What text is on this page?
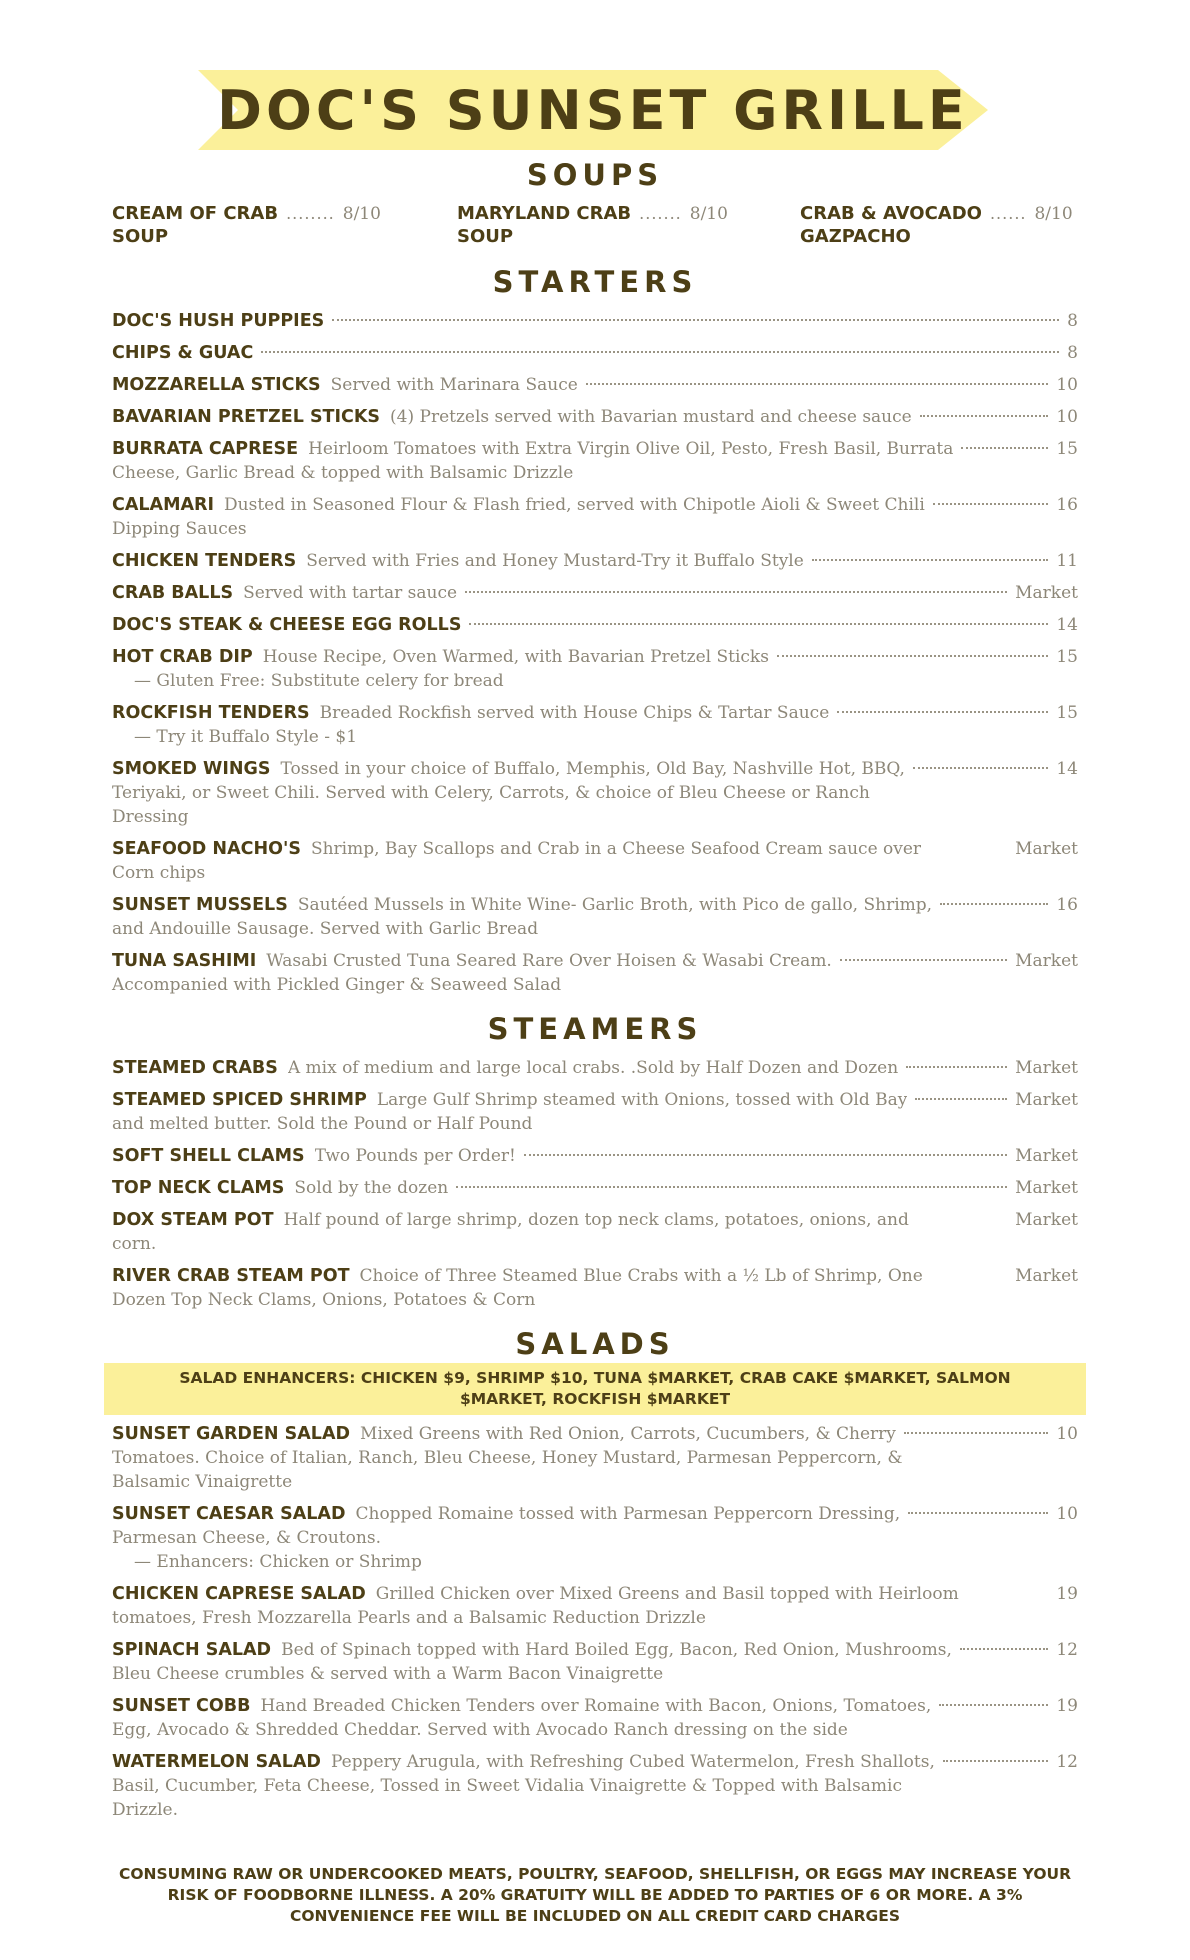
DOC'S SUNSET GRILLE
SOUPS
CREAM OF CRAB ........ 8/10
SOUP
MARYLAND CRAB ....... 8/10
SOUP
CRAB & AVOCADO ...... 8/10
GAZPACHO
STARTERS
DOC'S HUSH PUPPIES	8
CHIPS & GUAC	8
MOZZARELLA STICKS Served with Marinara Sauce	10
BAVARIAN PRETZEL STICKS (4) Pretzels served with Bavarian mustard and cheese sauce	10
BURRATA CAPRESE Heirloom Tomatoes with Extra Virgin Olive Oil, Pesto, Fresh Basil, Burrata	15
Cheese, Garlic Bread & topped with Balsamic Drizzle
CALAMARI Dusted in Seasoned Flour & Flash fried, served with Chipotle Aioli & Sweet Chili	16
Dipping Sauces
CHICKEN TENDERS Served with Fries and Honey Mustard-Try it Buffalo Style	11
CRAB BALLS Served with tartar sauce	Market
DOC'S STEAK & CHEESE EGG ROLLS	14
HOT CRAB DIP House Recipe, Oven Warmed, with Bavarian Pretzel Sticks	15
— Gluten Free: Substitute celery for bread
ROCKFISH TENDERS Breaded Rockfish served with House Chips & Tartar Sauce	15
— Try it Buffalo Style - $1
SMOKED WINGS Tossed in your choice of Buffalo, Memphis, Old Bay, Nashville Hot, BBQ,	14
Teriyaki, or Sweet Chili. Served with Celery, Carrots, & choice of Bleu Cheese or Ranch
Dressing
SEAFOOD NACHO'S Shrimp, Bay Scallops and Crab in a Cheese Seafood Cream sauce over	Market
Corn chips
SUNSET MUSSELS Sautéed Mussels in White Wine- Garlic Broth, with Pico de gallo, Shrimp,	16
and Andouille Sausage. Served with Garlic Bread
TUNA SASHIMI Wasabi Crusted Tuna Seared Rare Over Hoisen & Wasabi Cream.	Market
Accompanied with Pickled Ginger & Seaweed Salad
STEAMERS
STEAMED CRABS A mix of medium and large local crabs. .Sold by Half Dozen and Dozen	Market
STEAMED SPICED SHRIMP Large Gulf Shrimp steamed with Onions, tossed with Old Bay	Market
and melted butter. Sold the Pound or Half Pound
SOFT SHELL CLAMS Two Pounds per Order!	Market
TOP NECK CLAMS Sold by the dozen	Market
DOX STEAM POT Half pound of large shrimp, dozen top neck clams, potatoes, onions, and	Market
corn.
RIVER CRAB STEAM POT Choice of Three Steamed Blue Crabs with a ½ Lb of Shrimp, One	Market
Dozen Top Neck Clams, Onions, Potatoes & Corn
SALADS
SALAD ENHANCERS: CHICKEN $9, SHRIMP $10, TUNA $MARKET, CRAB CAKE $MARKET, SALMON $MARKET, ROCKFISH $MARKET
SUNSET GARDEN SALAD Mixed Greens with Red Onion, Carrots, Cucumbers, & Cherry	10
Tomatoes. Choice of Italian, Ranch, Bleu Cheese, Honey Mustard, Parmesan Peppercorn, &
Balsamic Vinaigrette
SUNSET CAESAR SALAD Chopped Romaine tossed with Parmesan Peppercorn Dressing,	10
Parmesan Cheese, & Croutons.
— Enhancers: Chicken or Shrimp
CHICKEN CAPRESE SALAD Grilled Chicken over Mixed Greens and Basil topped with Heirloom	19
tomatoes, Fresh Mozzarella Pearls and a Balsamic Reduction Drizzle
SPINACH SALAD Bed of Spinach topped with Hard Boiled Egg, Bacon, Red Onion, Mushrooms,	12
Bleu Cheese crumbles & served with a Warm Bacon Vinaigrette
SUNSET COBB Hand Breaded Chicken Tenders over Romaine with Bacon, Onions, Tomatoes,	19
Egg, Avocado & Shredded Cheddar. Served with Avocado Ranch dressing on the side
WATERMELON SALAD Peppery Arugula, with Refreshing Cubed Watermelon, Fresh Shallots,	12
Basil, Cucumber, Feta Cheese, Tossed in Sweet Vidalia Vinaigrette & Topped with Balsamic
Drizzle.
CONSUMING RAW OR UNDERCOOKED MEATS, POULTRY, SEAFOOD, SHELLFISH, OR EGGS MAY INCREASE YOUR RISK OF FOODBORNE ILLNESS. A 20% GRATUITY WILL BE ADDED TO PARTIES OF 6 OR MORE. A 3% CONVENIENCE FEE WILL BE INCLUDED ON ALL CREDIT CARD CHARGES
